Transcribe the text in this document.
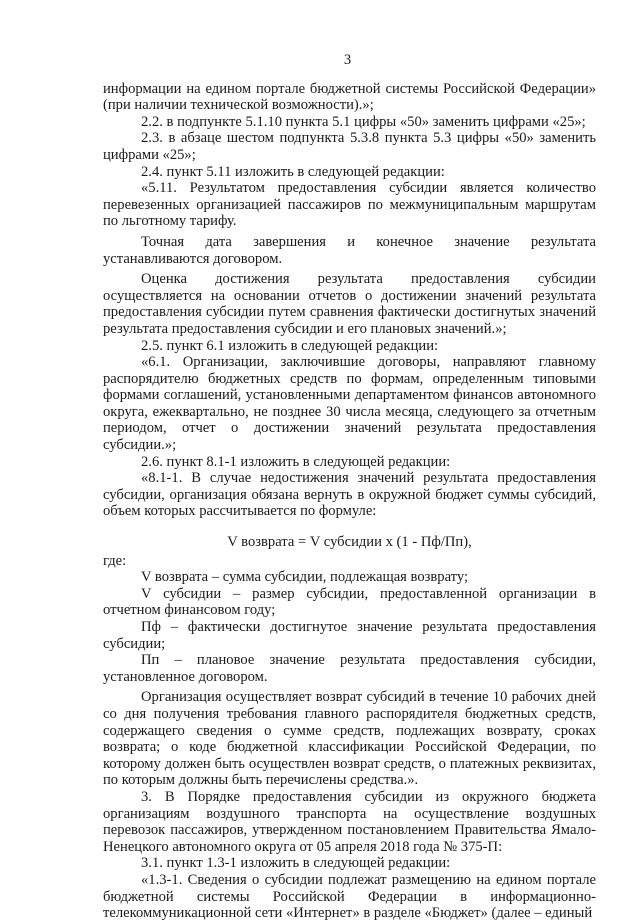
3

информации на едином портале бюджетной системы Российской Федерации» (при наличии технической возможности).»;

2.2. в подпункте 5.1.10 пункта 5.1 цифры «50» заменить цифрами «25»;

2.3. в абзаце шестом подпункта 5.3.8 пункта 5.3 цифры «50» заменить цифрами «25»;

2.4. пункт 5.11 изложить в следующей редакции:

«5.11. Результатом предоставления субсидии является количество перевезенных организацией пассажиров по межмуниципальным маршрутам по льготному тарифу.

Точная дата завершения и конечное значение результата устанавливаются договором.

Оценка достижения результата предоставления субсидии осуществляется на основании отчетов о достижении значений результата предоставления субсидии путем сравнения фактически достигнутых значений результата предоставления субсидии и его плановых значений.»;

2.5. пункт 6.1 изложить в следующей редакции:

«6.1. Организации, заключившие договоры, направляют главному распорядителю бюджетных средств по формам, определенным типовыми формами соглашений, установленными департаментом финансов автономного округа, ежеквартально, не позднее 30 числа месяца, следующего за отчетным периодом, отчет о достижении значений результата предоставления субсидии.»;

2.6. пункт 8.1-1 изложить в следующей редакции:

«8.1-1. В случае недостижения значений результата предоставления субсидии, организация обязана вернуть в окружной бюджет суммы субсидий, объем которых рассчитывается по формуле:

V возврата = V субсидии x (1 - Пф/Пп),

где:

V возврата – сумма субсидии, подлежащая возврату;

V субсидии – размер субсидии, предоставленной организации в отчетном финансовом году;

Пф – фактически достигнутое значение результата предоставления субсидии;

Пп – плановое значение результата предоставления субсидии, установленное договором.

Организация осуществляет возврат субсидий в течение 10 рабочих дней со дня получения требования главного распорядителя бюджетных средств, содержащего сведения о сумме средств, подлежащих возврату, сроках возврата; о коде бюджетной классификации Российской Федерации, по которому должен быть осуществлен возврат средств, о платежных реквизитах, по которым должны быть перечислены средства.».

3. В Порядке предоставления субсидии из окружного бюджета организациям воздушного транспорта на осуществление воздушных перевозок пассажиров, утвержденном постановлением Правительства Ямало-Ненецкого автономного округа от 05 апреля 2018 года № 375-П:

3.1. пункт 1.3-1 изложить в следующей редакции:

«1.3-1. Сведения о субсидии подлежат размещению на едином портале бюджетной системы Российской Федерации в информационно-телекоммуникационной сети «Интернет» в разделе «Бюджет» (далее – единый
